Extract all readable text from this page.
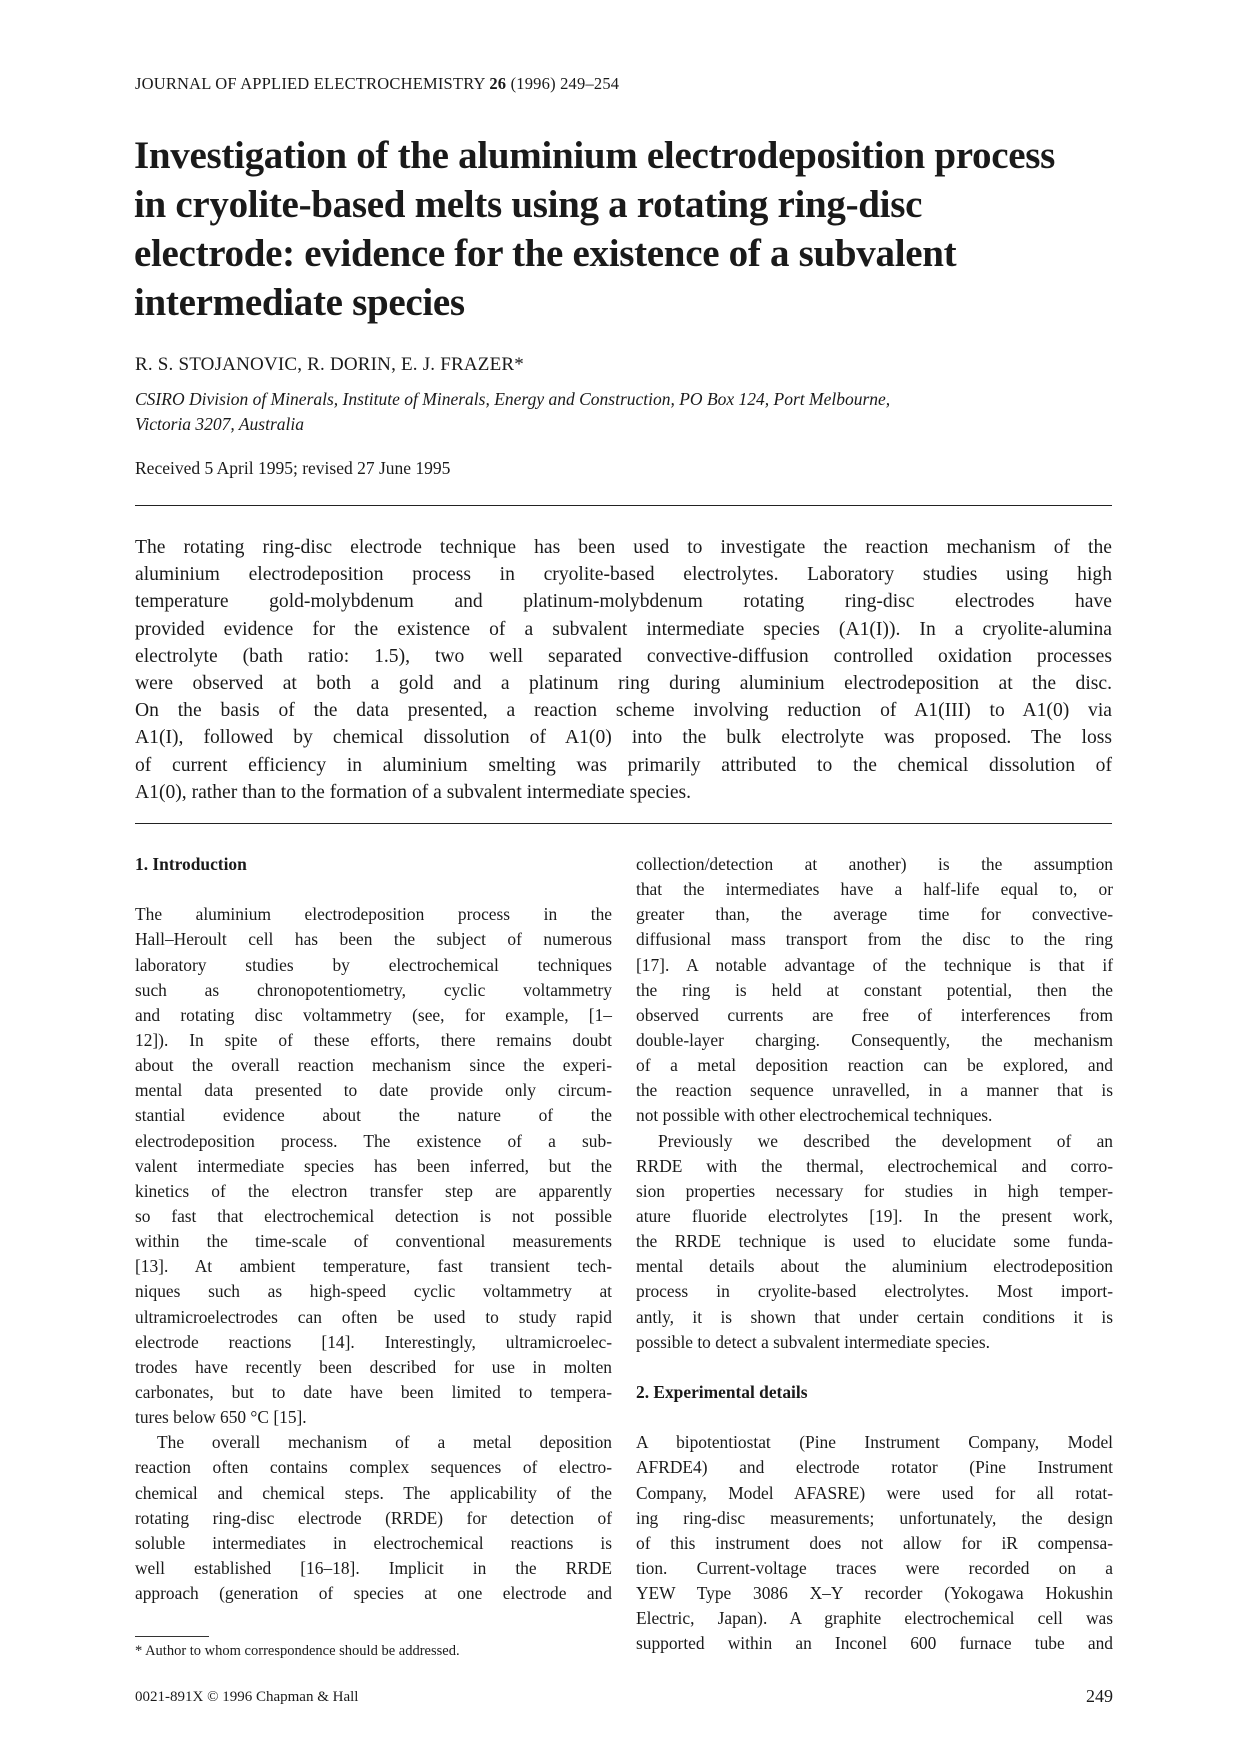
JOURNAL OF APPLIED ELECTROCHEMISTRY 26 (1996) 249–254
Investigation of the aluminium electrodeposition process
in cryolite-based melts using a rotating ring-disc
electrode: evidence for the existence of a subvalent
intermediate species
R. S. STOJANOVIC, R. DORIN, E. J. FRAZER*
CSIRO Division of Minerals, Institute of Minerals, Energy and Construction, PO Box 124, Port Melbourne,
Victoria 3207, Australia
Received 5 April 1995; revised 27 June 1995
The rotating ring-disc electrode technique has been used to investigate the reaction mechanism of the
aluminium electrodeposition process in cryolite-based electrolytes. Laboratory studies using high
temperature gold-molybdenum and platinum-molybdenum rotating ring-disc electrodes have
provided evidence for the existence of a subvalent intermediate species (A1(I)). In a cryolite-alumina
electrolyte (bath ratio: 1.5), two well separated convective-diffusion controlled oxidation processes
were observed at both a gold and a platinum ring during aluminium electrodeposition at the disc.
On the basis of the data presented, a reaction scheme involving reduction of A1(III) to A1(0) via
A1(I), followed by chemical dissolution of A1(0) into the bulk electrolyte was proposed. The loss
of current efficiency in aluminium smelting was primarily attributed to the chemical dissolution of
A1(0), rather than to the formation of a subvalent intermediate species.
1. Introduction
The aluminium electrodeposition process in the
Hall–Heroult cell has been the subject of numerous
laboratory studies by electrochemical techniques
such as chronopotentiometry, cyclic voltammetry
and rotating disc voltammetry (see, for example, [1–
12]). In spite of these efforts, there remains doubt
about the overall reaction mechanism since the experi-
mental data presented to date provide only circum-
stantial evidence about the nature of the
electrodeposition process. The existence of a sub-
valent intermediate species has been inferred, but the
kinetics of the electron transfer step are apparently
so fast that electrochemical detection is not possible
within the time-scale of conventional measurements
[13]. At ambient temperature, fast transient tech-
niques such as high-speed cyclic voltammetry at
ultramicroelectrodes can often be used to study rapid
electrode reactions [14]. Interestingly, ultramicroelec-
trodes have recently been described for use in molten
carbonates, but to date have been limited to tempera-
tures below 650 °C [15].
The overall mechanism of a metal deposition
reaction often contains complex sequences of electro-
chemical and chemical steps. The applicability of the
rotating ring-disc electrode (RRDE) for detection of
soluble intermediates in electrochemical reactions is
well established [16–18]. Implicit in the RRDE
approach (generation of species at one electrode and
* Author to whom correspondence should be addressed.
0021-891X © 1996 Chapman & Hall
collection/detection at another) is the assumption
that the intermediates have a half-life equal to, or
greater than, the average time for convective-
diffusional mass transport from the disc to the ring
[17]. A notable advantage of the technique is that if
the ring is held at constant potential, then the
observed currents are free of interferences from
double-layer charging. Consequently, the mechanism
of a metal deposition reaction can be explored, and
the reaction sequence unravelled, in a manner that is
not possible with other electrochemical techniques.
Previously we described the development of an
RRDE with the thermal, electrochemical and corro-
sion properties necessary for studies in high temper-
ature fluoride electrolytes [19]. In the present work,
the RRDE technique is used to elucidate some funda-
mental details about the aluminium electrodeposition
process in cryolite-based electrolytes. Most import-
antly, it is shown that under certain conditions it is
possible to detect a subvalent intermediate species.
2. Experimental details
A bipotentiostat (Pine Instrument Company, Model
AFRDE4) and electrode rotator (Pine Instrument
Company, Model AFASRE) were used for all rotat-
ing ring-disc measurements; unfortunately, the design
of this instrument does not allow for iR compensa-
tion. Current-voltage traces were recorded on a
YEW Type 3086 X–Y recorder (Yokogawa Hokushin
Electric, Japan). A graphite electrochemical cell was
supported within an Inconel 600 furnace tube and
249
